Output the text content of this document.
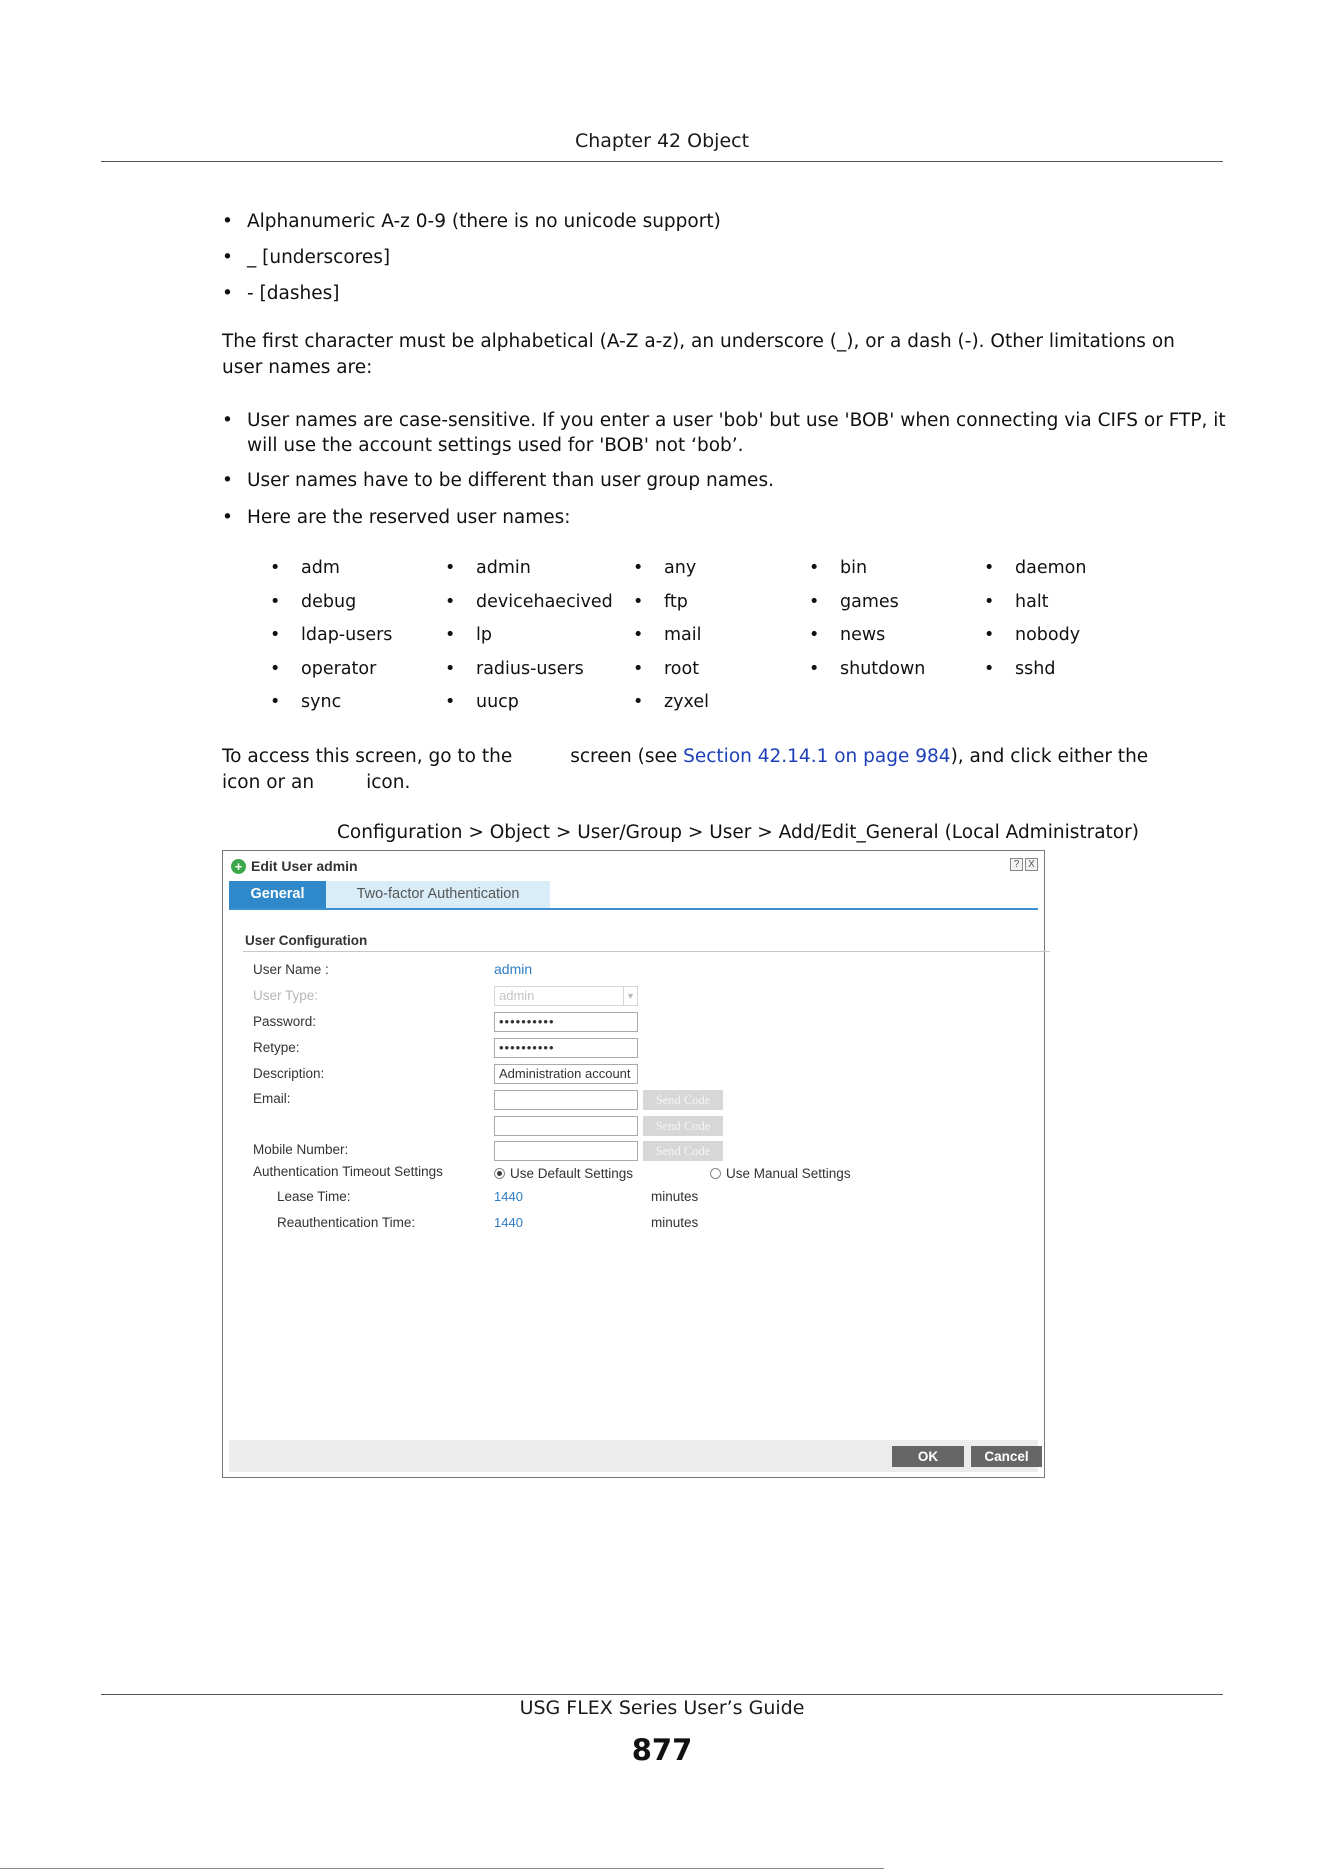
Chapter 42 Object
• Alphanumeric A-z 0-9 (there is no unicode support)
• _ [underscores]
• - [dashes]
The first character must be alphabetical (A-Z a-z), an underscore (_), or a dash (-). Other limitations on user names are:
• User names are case-sensitive. If you enter a user 'bob' but use 'BOB' when connecting via CIFS or FTP, it will use the account settings used for 'BOB' not ‘bob’.
• User names have to be different than user group names.
• Here are the reserved user names:
• adm	• admin	• any	• bin	• daemon
• debug	• devicehaecived	• ftp	• games	• halt
• ldap-users	• lp	• mail	• news	• nobody
• operator	• radius-users	• root	• shutdown	• sshd
• sync	• uucp	• zyxel
To access this screen, go to the	screen (see Section 42.14.1 on page 984), and click either the
icon or an	icon.
Configuration > Object > User/Group > User > Add/Edit_General (Local Administrator)
+ Edit User admin	? X
General	Two-factor Authentication
User Configuration
User Name :	admin
User Type:	admin	▼
Password:	••••••••••
Retype:	••••••••••
Description:	Administration account
Email:	Send Code
Send Code
Mobile Number:	Send Code
Authentication Timeout Settings	Use Default Settings	Use Manual Settings
Lease Time:	1440	minutes
Reauthentication Time:	1440	minutes
OK	Cancel
USG FLEX Series User’s Guide
877
